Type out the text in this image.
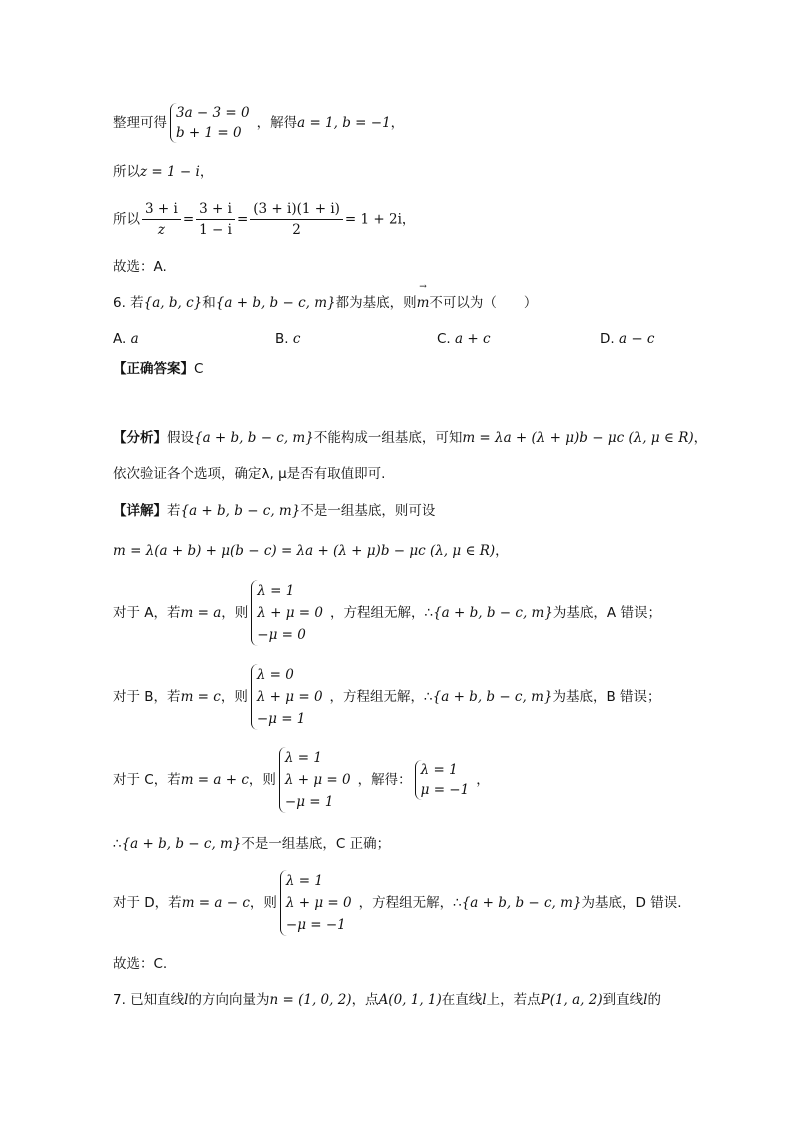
整理可得
3a − 3 = 0
b + 1 = 0
，解得a = 1, b = −1，
所以z = 1 − i，
所以 $\frac{3 + i}{z} = \frac{3 + i}{1 - i} = \frac{(3 + i)(1 + i)}{2} = 1 + 2i$，
故选：A.
6. 若{a, b, c}和{a + b, b − c, m}都为基底，则→ m不可以为（　　）
A. a	B. c	C. a + c	D. a − c
【正确答案】C
【分析】假设{a + b, b − c, m}不能构成一组基底，可知m = λa + (λ + μ)b − μc (λ, μ ∈ R)，
依次验证各个选项，确定λ, μ是否有取值即可.
【详解】若{a + b, b − c, m}不是一组基底，则可设
m = λ(a + b) + μ(b − c) = λa + (λ + μ)b − μc (λ, μ ∈ R)，
对于 A，若m = a，则
λ = 1
λ + μ = 0
−μ = 0
，方程组无解，∴{a + b, b − c, m}为基底，A 错误；
对于 B，若m = c，则
λ = 0
λ + μ = 0
−μ = 1
，方程组无解，∴{a + b, b − c, m}为基底，B 错误；
对于 C，若m = a + c，则
λ = 1
λ + μ = 0
−μ = 1
，解得：
λ = 1
μ = −1
，
∴{a + b, b − c, m}不是一组基底，C 正确；
对于 D，若m = a − c，则
λ = 1
λ + μ = 0
−μ = −1
，方程组无解，∴{a + b, b − c, m}为基底，D 错误.
故选：C.
7. 已知直线l的方向向量为n = (1, 0, 2)，点A(0, 1, 1)在直线l上，若点P(1, a, 2)到直线l的
